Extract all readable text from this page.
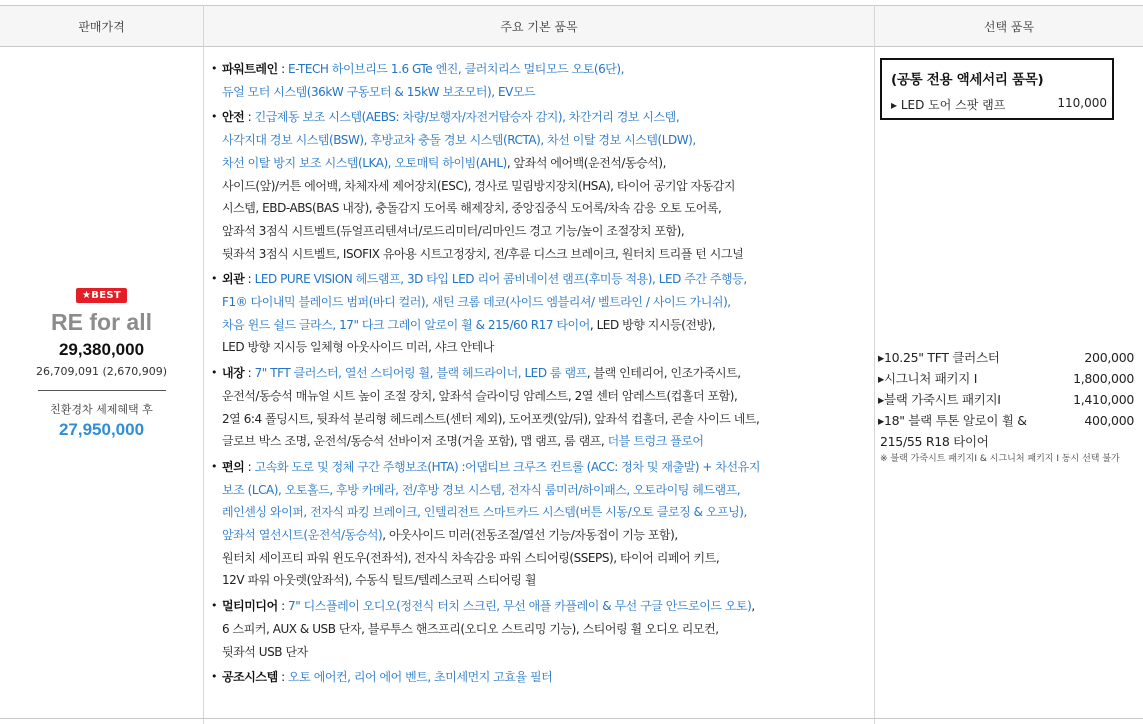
판매가격	주요 기본 품목	선택 품목
★BEST
RE for all
29,380,000
26,709,091 (2,670,909)
친환경차 세제혜택 후
27,950,000
• 파워트레인 : E-TECH 하이브리드 1.6 GTe 엔진, 클러치리스 멀티모드 오토(6단),
듀얼 모터 시스템(36kW 구동모터 & 15kW 보조모터), EV모드
• 안전 : 긴급제동 보조 시스템(AEBS: 차량/보행자/자전거탑승자 감지), 차간거리 경보 시스템,
사각지대 경보 시스템(BSW), 후방교차 충돌 경보 시스템(RCTA), 차선 이탈 경보 시스템(LDW),
차선 이탈 방지 보조 시스템(LKA), 오토매틱 하이빔(AHL), 앞좌석 에어백(운전석/동승석),
사이드(앞)/커튼 에어백, 차체자세 제어장치(ESC), 경사로 밀림방지장치(HSA), 타이어 공기압 자동감지
시스템, EBD-ABS(BAS 내장), 충돌감지 도어록 해제장치, 중앙집중식 도어록/차속 감응 오토 도어록,
앞좌석 3점식 시트벨트(듀얼프리텐셔너/로드리미터/리마인드 경고 기능/높이 조절장치 포함),
뒷좌석 3점식 시트벨트, ISOFIX 유아용 시트고정장치, 전/후륜 디스크 브레이크, 원터치 트리플 턴 시그널
• 외관 : LED PURE VISION 헤드램프, 3D 타입 LED 리어 콤비네이션 램프(후미등 적용), LED 주간 주행등,
F1® 다이내믹 블레이드 범퍼(바디 컬러), 새틴 크롬 데코(사이드 엠블리셔/ 벨트라인 / 사이드 가니쉬),
차음 윈드 쉴드 글라스, 17" 다크 그레이 알로이 휠 & 215/60 R17 타이어, LED 방향 지시등(전방),
LED 방향 지시등 일체형 아웃사이드 미러, 샤크 안테나
• 내장 : 7" TFT 클러스터, 열선 스티어링 휠, 블랙 헤드라이너, LED 룸 램프, 블랙 인테리어, 인조가죽시트,
운전석/동승석 매뉴얼 시트 높이 조절 장치, 앞좌석 슬라이딩 암레스트, 2열 센터 암레스트(컵홀더 포함),
2열 6:4 폴딩시트, 뒷좌석 분리형 헤드레스트(센터 제외), 도어포켓(앞/뒤), 앞좌석 컵홀더, 콘솔 사이드 네트,
글로브 박스 조명, 운전석/동승석 선바이저 조명(거울 포함), 맵 램프, 룸 램프, 더블 트렁크 플로어
• 편의 : 고속화 도로 및 정체 구간 주행보조(HTA) :어댑티브 크루즈 컨트롤 (ACC: 정차 및 재출발) + 차선유지
보조 (LCA), 오토홀드, 후방 카메라, 전/후방 경보 시스템, 전자식 룸미러/하이패스, 오토라이팅 헤드램프,
레인센싱 와이퍼, 전자식 파킹 브레이크, 인텔리전트 스마트카드 시스템(버튼 시동/오토 클로징 & 오프닝),
앞좌석 열선시트(운전석/동승석), 아웃사이드 미러(전동조절/열선 기능/자동접이 기능 포함),
원터치 세이프티 파워 윈도우(전좌석), 전자식 차속감응 파워 스티어링(SSEPS), 타이어 리페어 키트,
12V 파워 아웃렛(앞좌석), 수동식 틸트/텔레스코픽 스티어링 휠
• 멀티미디어 : 7" 디스플레이 오디오(정전식 터치 스크린, 무선 애플 카플레이 & 무선 구글 안드로이드 오토),
6 스피커, AUX & USB 단자, 블루투스 핸즈프리(오디오 스트리밍 기능), 스티어링 휠 오디오 리모컨,
뒷좌석 USB 단자
• 공조시스템 : 오토 에어컨, 리어 에어 벤트, 초미세먼지 고효율 필터
(공통 전용 액세서리 품목)
▸ LED 도어 스팟 램프	110,000
▸10.25" TFT 클러스터	200,000
▸시그니처 패키지 Ⅰ	1,800,000
▸블랙 가죽시트 패키지Ⅰ	1,410,000
▸18" 블랙 투톤 알로이 휠 &	400,000
215/55 R18 타이어
※ 블랙 가죽시트 패키지Ⅰ & 시그니처 패키지 Ⅰ 동시 선택 불가
